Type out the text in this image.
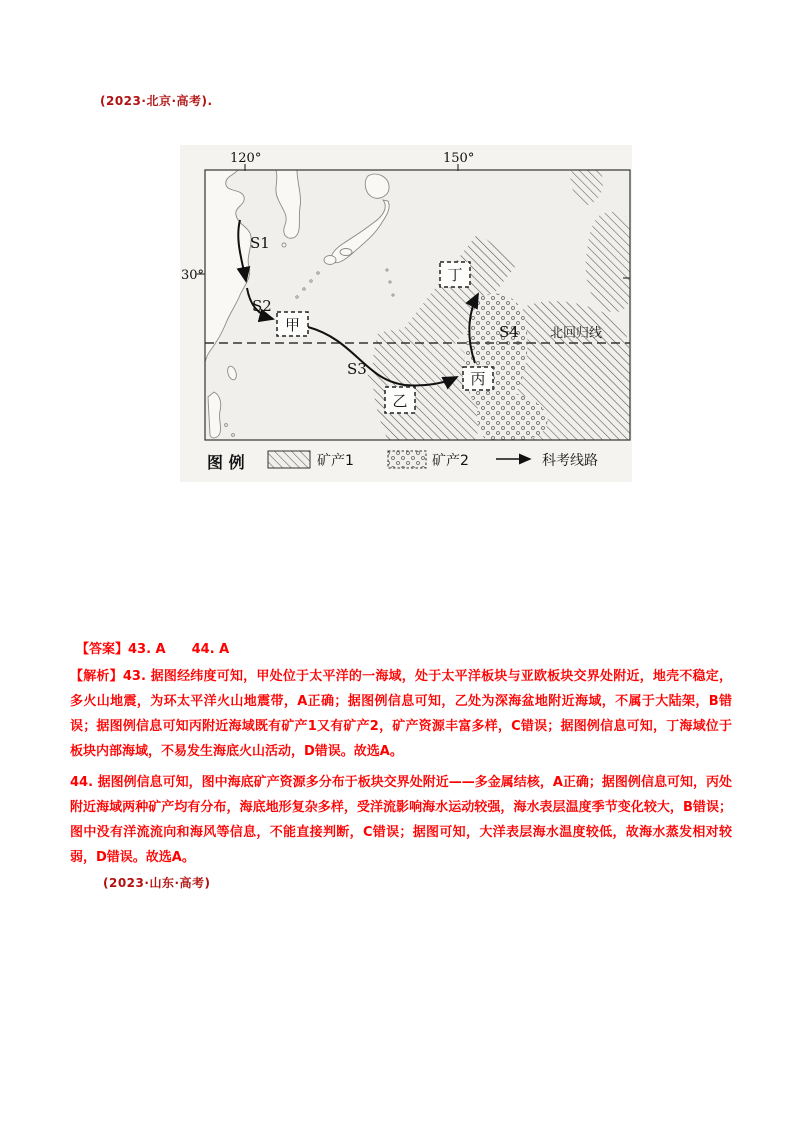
(2023·北京·高考).
北回归线
S1
S2
S3
S4
甲
乙
丙
丁
120°	150°
30°
图 例	矿产1	矿产2	科考线路

【答案】43. A　　44. A

【解析】43. 据图经纬度可知，甲处位于太平洋的一海域，处于太平洋板块与亚欧板块交界处附近，地壳不稳定，多火山地震，为环太平洋火山地震带，A正确；据图例信息可知，乙处为深海盆地附近海域，不属于大陆架，B错误；据图例信息可知丙附近海域既有矿产1又有矿产2，矿产资源丰富多样，C错误；据图例信息可知，丁海域位于板块内部海域，不易发生海底火山活动，D错误。故选A。

44. 据图例信息可知，图中海底矿产资源多分布于板块交界处附近——多金属结核，A正确；据图例信息可知，丙处附近海域两种矿产均有分布，海底地形复杂多样，受洋流影响海水运动较强，海水表层温度季节变化较大，B错误；图中没有洋流流向和海风等信息，不能直接判断，C错误；据图可知，大洋表层海水温度较低，故海水蒸发相对较弱，D错误。故选A。

(2023·山东·高考)
